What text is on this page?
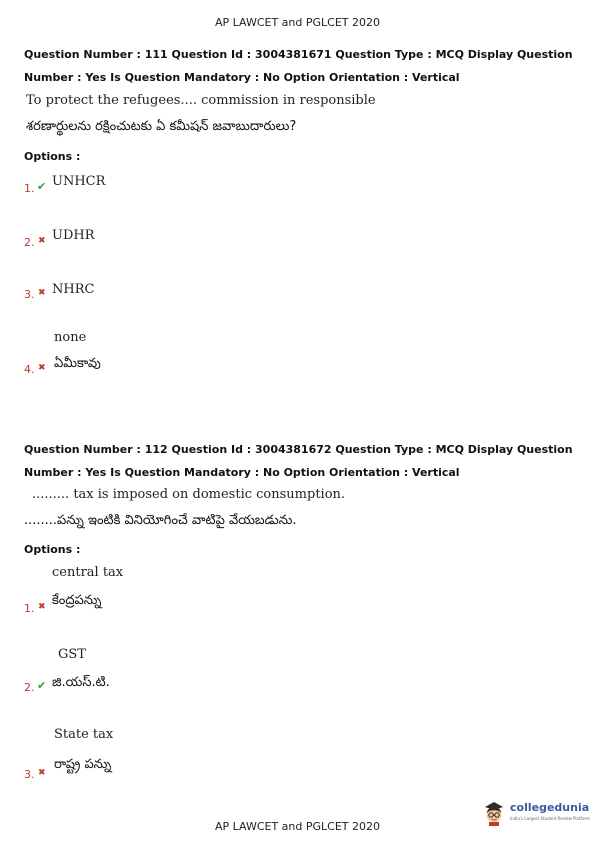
AP LAWCET and PGLCET 2020
Question Number : 111 Question Id : 3004381671 Question Type : MCQ Display Question
Number : Yes Is Question Mandatory : No Option Orientation : Vertical
To protect the refugees.... commission in responsible
శరణార్థులను రక్షించుటకు ఏ కమీషన్ జవాబుదారులు?
Options :
1. ✔ UNHCR
2. ✖ UDHR
3. ✖ NHRC
none
4. ✖ ఏమీకావు
Question Number : 112 Question Id : 3004381672 Question Type : MCQ Display Question
Number : Yes Is Question Mandatory : No Option Orientation : Vertical
......... tax is imposed on domestic consumption.
........పన్ను ఇంటికి వినియోగించే వాటిపై వేయబడును.
Options :
central tax
1. ✖ కేంద్రపన్ను
GST
2. ✔ జి.యస్.టి.
State tax
3. ✖
రాష్ట్ర పన్ను
collegedunia
India's Largest Student Review Platform
AP LAWCET and PGLCET 2020
